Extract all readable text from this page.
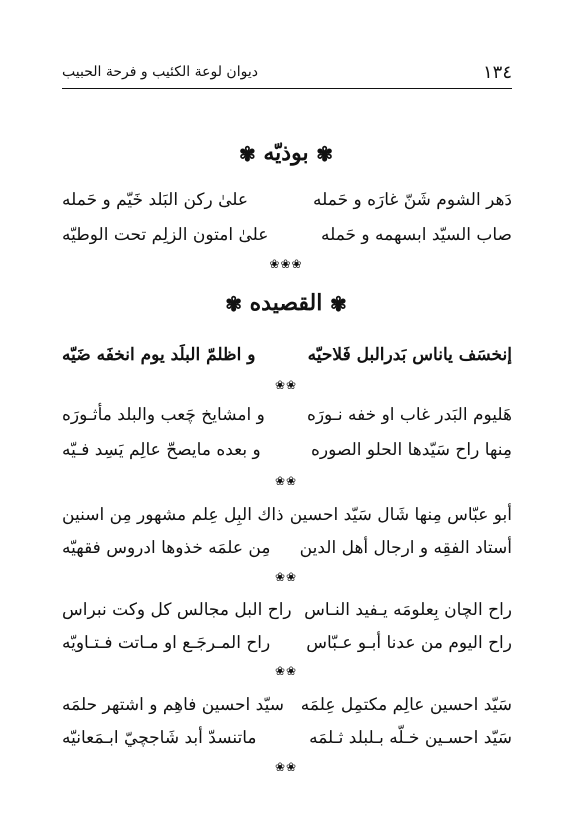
١٣٤
ديوان لوعة الكئيب و فرحة الحبيب
✾ بوذيّه ✾
دَهر الشوم شَنّ غارَه و حَمله
علىٰ ركن البَلد خَيّم و حَمله
صاب السيّد ابسهمه و حَمله
علىٰ امتون الزلِم تحت الوطيّه
❀❀❀
✾ القصيده ✾
إنخسَف ياناس بَدرالبل فَلاحيّه
و اظلمّ البلَد يوم انخفَه ضَيّه
❀❀
هَليوم البَدر غاب او خفه نـورَه
و امشايخ چَعب والبلد مأثـورَه
مِنها راح سَيّدها الحلو الصوره
و بعده مايصحّ عالِم يَسِد فـيّه
❀❀
أبو عبّاس مِنها شَال سَيّد احسين
ذاك البِل عِلم مشهور مِن اسنين
أستاد الفقِه و ارجال أهل الدين
مِن علمَه خذوها ادروس فقهيّه
❀❀
راح الچان بِعلومَه يـفيد النـاس
راح البل مجالس كل وكت نبراس
راح اليوم من عدنا أبـو عـبّاس
راح المـرجَـع او مـاتت فـتـاويّه
❀❀
سَيّد احسين عالِم مكتمِل عِلمَه
سيّد احسين فاهِم و اشتهر حلمَه
سَيّد احسـين خـلّه بـلبلد ثـلمَه
ماتنسدّ أبد شَاجچيّ ابـمَعانيّه
❀❀
